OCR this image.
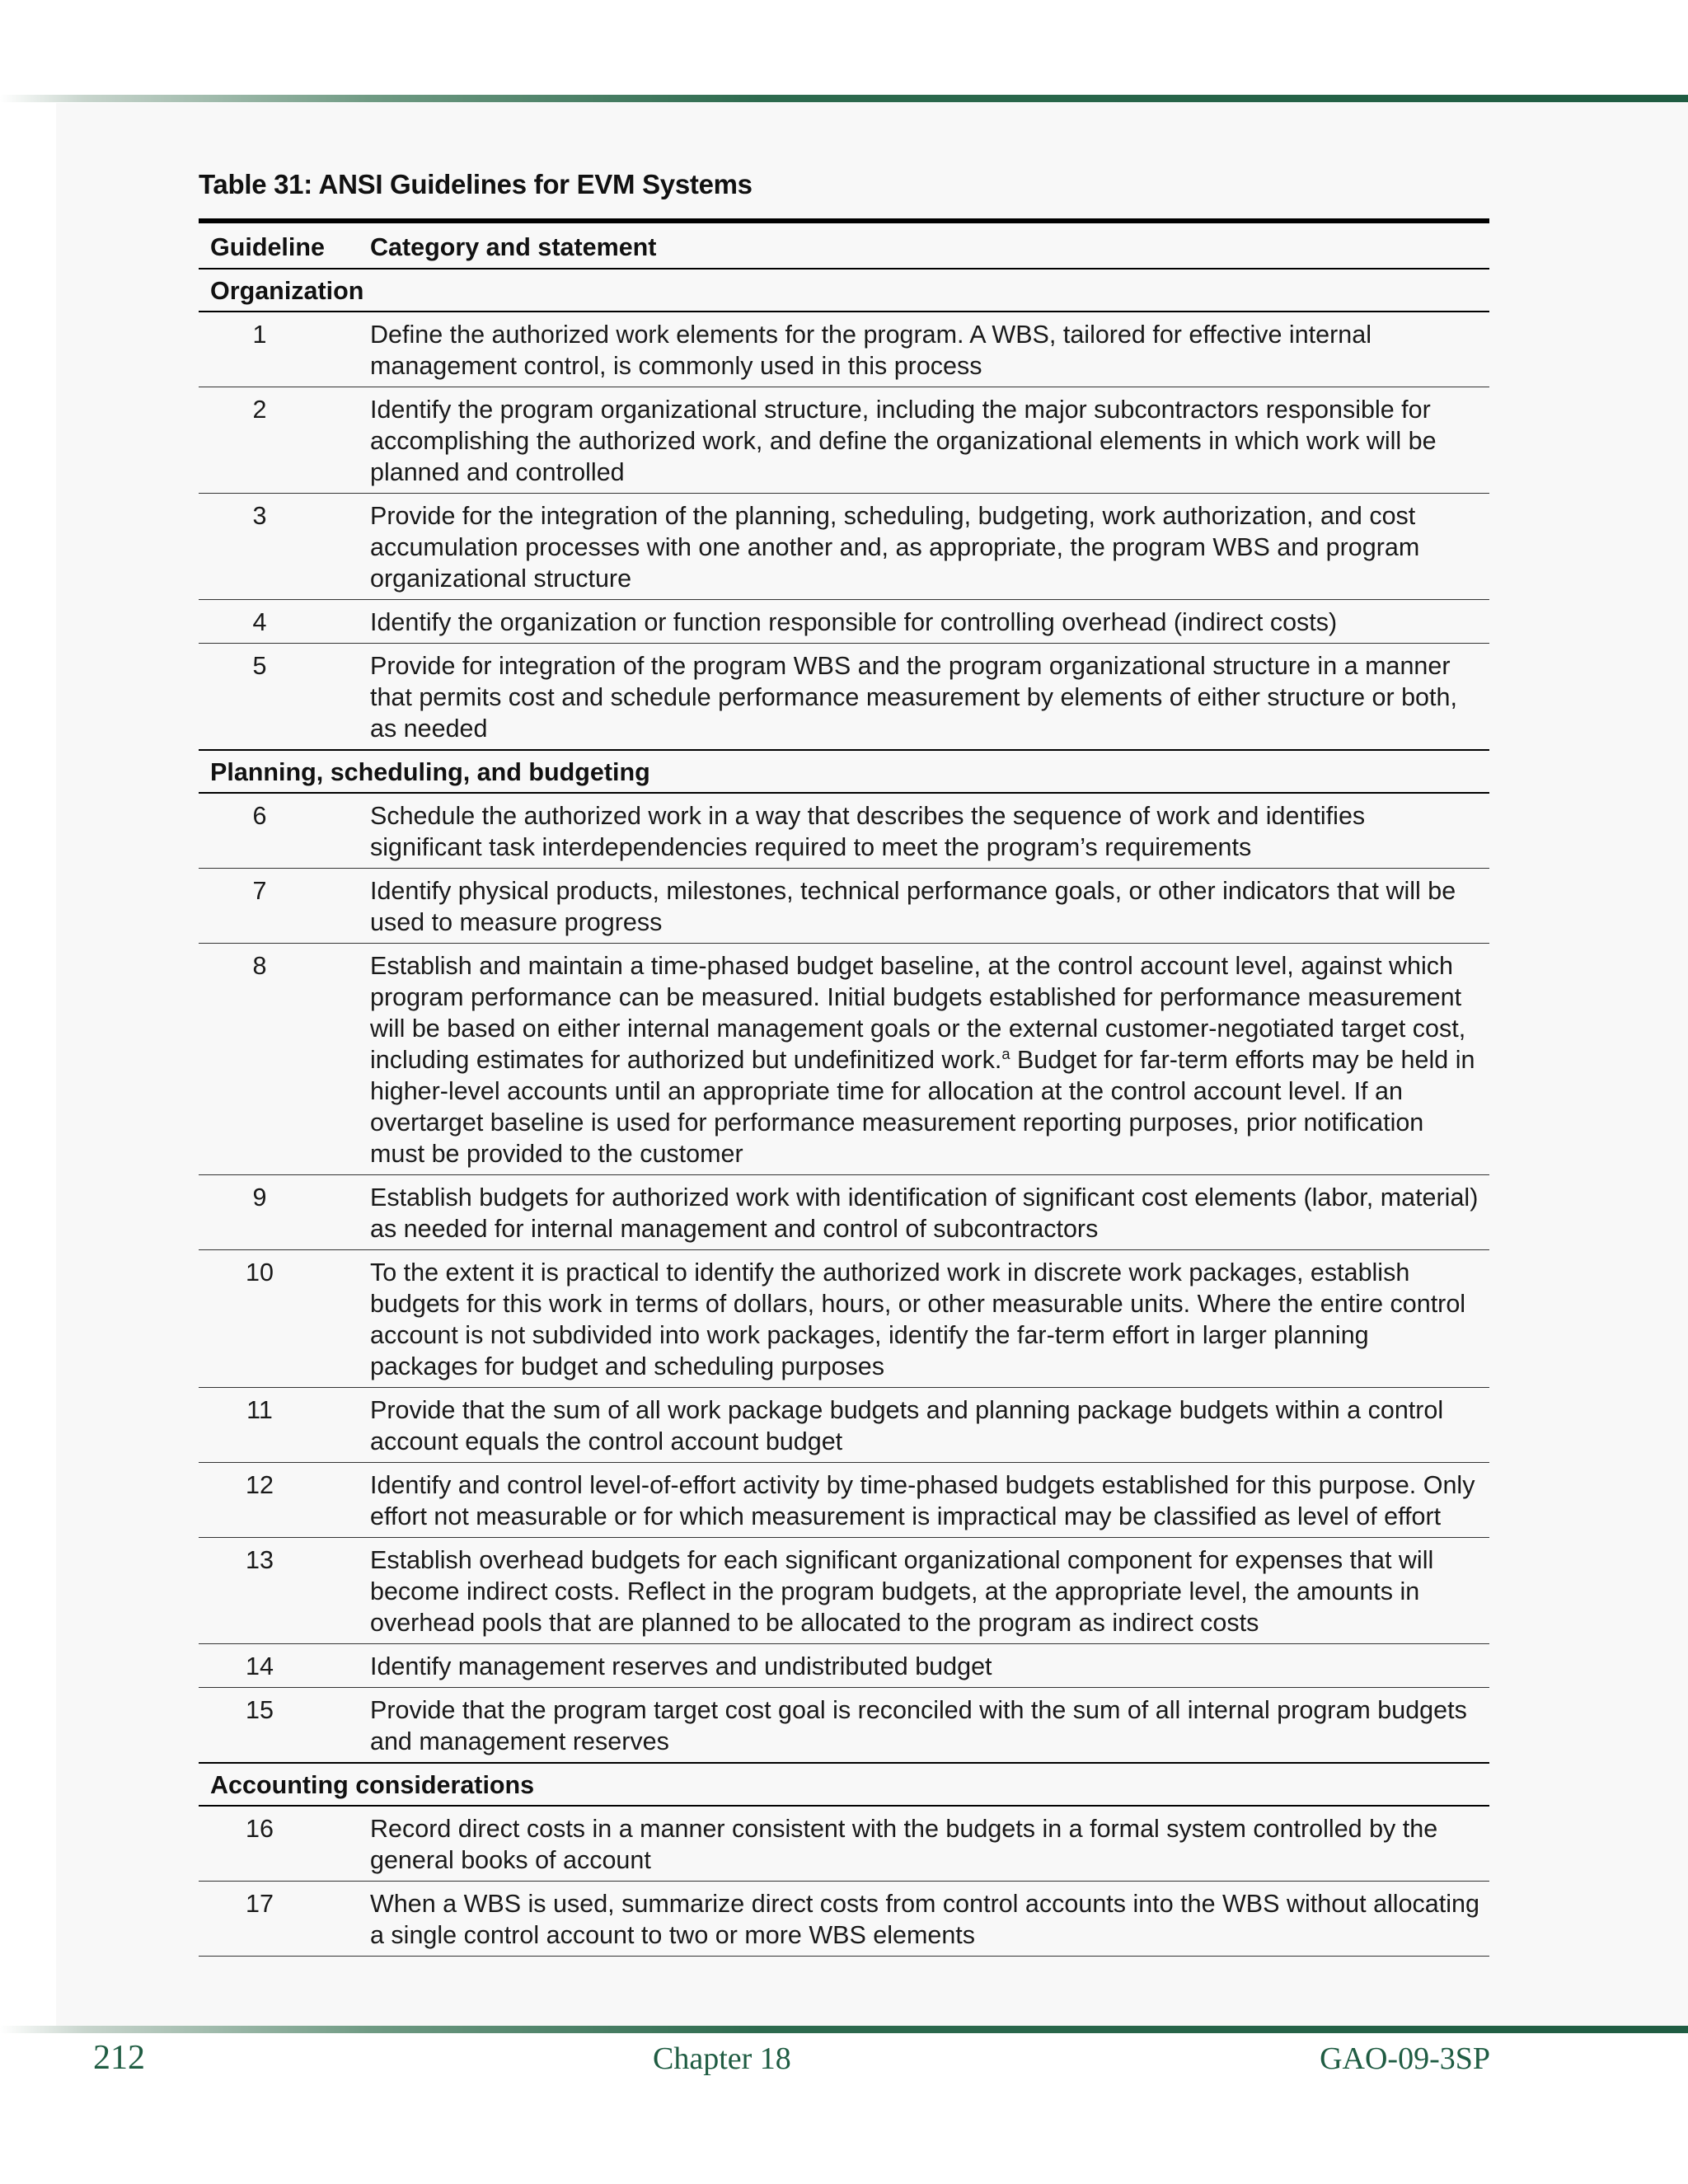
Table 31: ANSI Guidelines for EVM Systems
Guideline	Category and statement
Organization	
1	Define the authorized work elements for the program. A WBS, tailored for effective internal management control, is commonly used in this process
2	Identify the program organizational structure, including the major subcontractors responsible for accomplishing the authorized work, and define the organizational elements in which work will be planned and controlled
3	Provide for the integration of the planning, scheduling, budgeting, work authorization, and cost accumulation processes with one another and, as appropriate, the program WBS and program organizational structure
4	Identify the organization or function responsible for controlling overhead (indirect costs)
5	Provide for integration of the program WBS and the program organizational structure in a manner that permits cost and schedule performance measurement by elements of either structure or both, as needed
Planning, scheduling, and budgeting	
6	Schedule the authorized work in a way that describes the sequence of work and identifies significant task interdependencies required to meet the program’s requirements
7	Identify physical products, milestones, technical performance goals, or other indicators that will be used to measure progress
8	Establish and maintain a time-phased budget baseline, at the control account level, against which program performance can be measured. Initial budgets established for performance measurement will be based on either internal management goals or the external customer-negotiated target cost, including estimates for authorized but undefinitized work.$^a$ Budget for far-term efforts may be held in higher-level accounts until an appropriate time for allocation at the control account level. If an overtarget baseline is used for performance measurement reporting purposes, prior notification must be provided to the customer
9	Establish budgets for authorized work with identification of significant cost elements (labor, material) as needed for internal management and control of subcontractors
10	To the extent it is practical to identify the authorized work in discrete work packages, establish budgets for this work in terms of dollars, hours, or other measurable units. Where the entire control account is not subdivided into work packages, identify the far-term effort in larger planning packages for budget and scheduling purposes
11	Provide that the sum of all work package budgets and planning package budgets within a control account equals the control account budget
12	Identify and control level-of-effort activity by time-phased budgets established for this purpose. Only effort not measurable or for which measurement is impractical may be classified as level of effort
13	Establish overhead budgets for each significant organizational component for expenses that will become indirect costs. Reflect in the program budgets, at the appropriate level, the amounts in overhead pools that are planned to be allocated to the program as indirect costs
14	Identify management reserves and undistributed budget
15	Provide that the program target cost goal is reconciled with the sum of all internal program budgets and management reserves
Accounting considerations	
16	Record direct costs in a manner consistent with the budgets in a formal system controlled by the general books of account
17	When a WBS is used, summarize direct costs from control accounts into the WBS without allocating a single control account to two or more WBS elements
212	Chapter 18	GAO-09-3SP
